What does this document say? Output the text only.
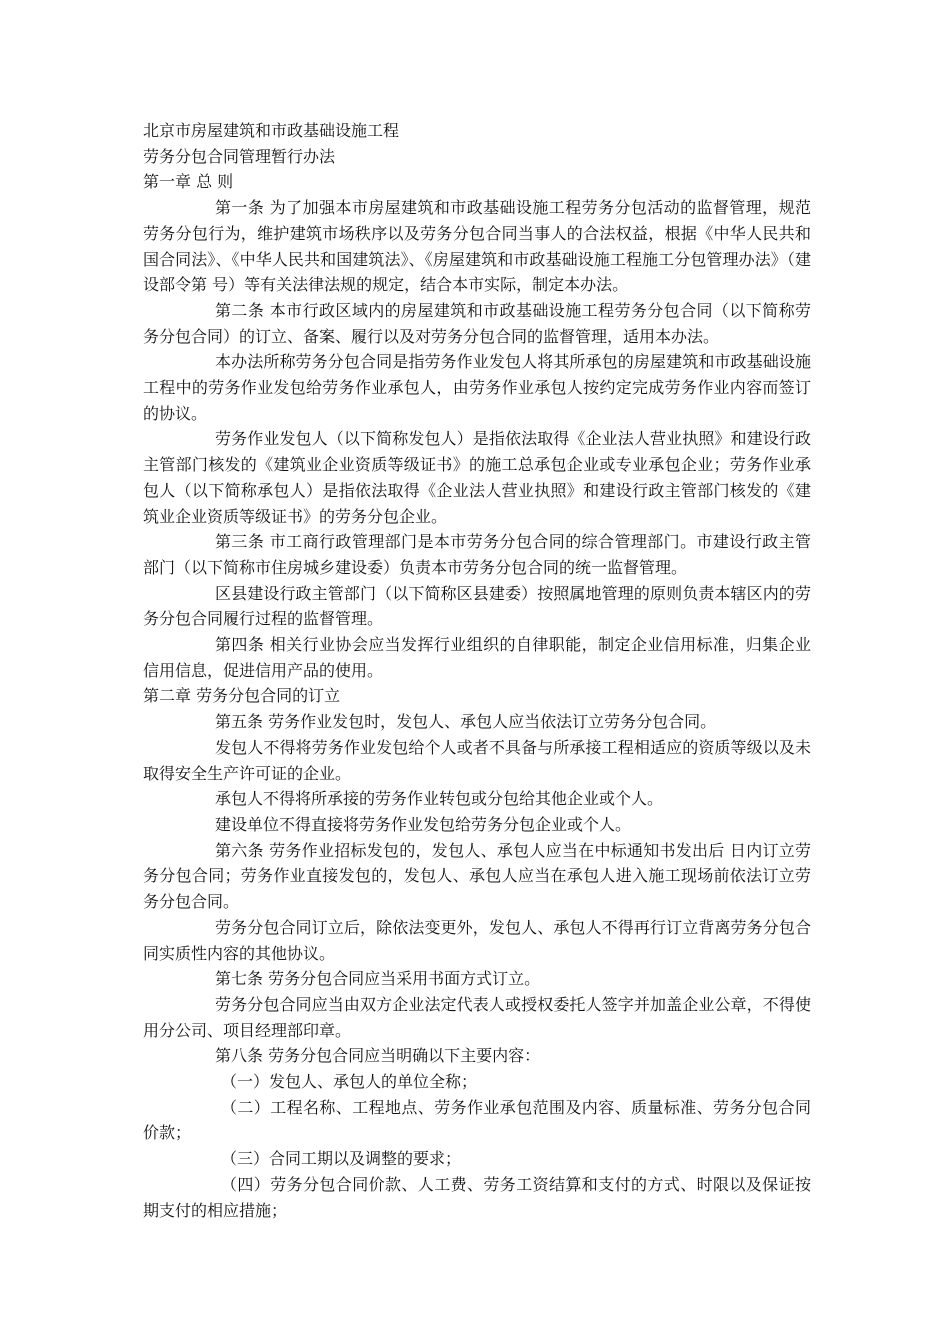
北京市房屋建筑和市政基础设施工程

劳务分包合同管理暂行办法

第一章 总 则

第一条 为了加强本市房屋建筑和市政基础设施工程劳务分包活动的监督管理，规范劳务分包行为，维护建筑市场秩序以及劳务分包合同当事人的合法权益，根据《中华人民共和国合同法》、《中华人民共和国建筑法》、《房屋建筑和市政基础设施工程施工分包管理办法》（建设部令第 号）等有关法律法规的规定，结合本市实际，制定本办法。

第二条 本市行政区域内的房屋建筑和市政基础设施工程劳务分包合同（以下简称劳务分包合同）的订立、备案、履行以及对劳务分包合同的监督管理，适用本办法。

本办法所称劳务分包合同是指劳务作业发包人将其所承包的房屋建筑和市政基础设施工程中的劳务作业发包给劳务作业承包人，由劳务作业承包人按约定完成劳务作业内容而签订的协议。

劳务作业发包人（以下简称发包人）是指依法取得《企业法人营业执照》和建设行政主管部门核发的《建筑业企业资质等级证书》的施工总承包企业或专业承包企业；劳务作业承包人（以下简称承包人）是指依法取得《企业法人营业执照》和建设行政主管部门核发的《建筑业企业资质等级证书》的劳务分包企业。

第三条 市工商行政管理部门是本市劳务分包合同的综合管理部门。市建设行政主管部门（以下简称市住房城乡建设委）负责本市劳务分包合同的统一监督管理。

区县建设行政主管部门（以下简称区县建委）按照属地管理的原则负责本辖区内的劳务分包合同履行过程的监督管理。

第四条 相关行业协会应当发挥行业组织的自律职能，制定企业信用标准，归集企业信用信息，促进信用产品的使用。

第二章 劳务分包合同的订立

第五条 劳务作业发包时，发包人、承包人应当依法订立劳务分包合同。

发包人不得将劳务作业发包给个人或者不具备与所承接工程相适应的资质等级以及未取得安全生产许可证的企业。

承包人不得将所承接的劳务作业转包或分包给其他企业或个人。

建设单位不得直接将劳务作业发包给劳务分包企业或个人。

第六条 劳务作业招标发包的，发包人、承包人应当在中标通知书发出后 日内订立劳务分包合同；劳务作业直接发包的，发包人、承包人应当在承包人进入施工现场前依法订立劳务分包合同。

劳务分包合同订立后，除依法变更外，发包人、承包人不得再行订立背离劳务分包合同实质性内容的其他协议。

第七条 劳务分包合同应当采用书面方式订立。

劳务分包合同应当由双方企业法定代表人或授权委托人签字并加盖企业公章，不得使用分公司、项目经理部印章。

第八条 劳务分包合同应当明确以下主要内容：

（一）发包人、承包人的单位全称；

（二）工程名称、工程地点、劳务作业承包范围及内容、质量标准、劳务分包合同价款；

（三）合同工期以及调整的要求；

（四）劳务分包合同价款、人工费、劳务工资结算和支付的方式、时限以及保证按期支付的相应措施；
